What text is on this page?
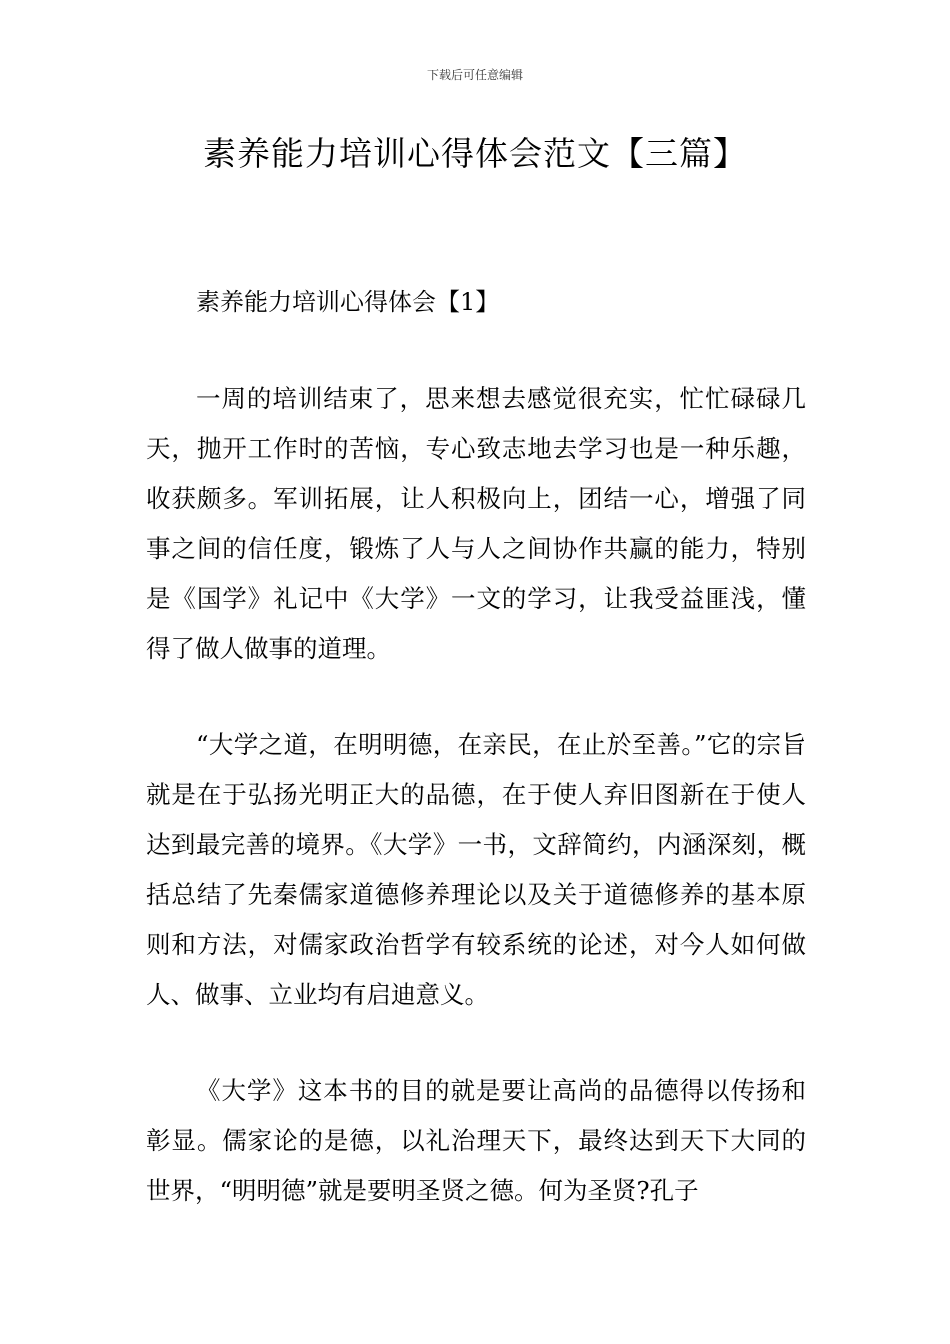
下载后可任意编辑
素养能力培训心得体会范文【三篇】
素养能力培训心得体会【1】

一周的培训结束了，思来想去感觉很充实，忙忙碌碌几天，抛开工作时的苦恼，专心致志地去学习也是一种乐趣，收获颇多。军训拓展，让人积极向上，团结一心，增强了同事之间的信任度，锻炼了人与人之间协作共赢的能力，特别是《国学》礼记中《大学》一文的学习，让我受益匪浅，懂得了做人做事的道理。

“大学之道，在明明德，在亲民，在止於至善。”它的宗旨就是在于弘扬光明正大的品德，在于使人弃旧图新在于使人达到最完善的境界。《大学》一书，文辞简约，内涵深刻，概括总结了先秦儒家道德修养理论以及关于道德修养的基本原则和方法，对儒家政治哲学有较系统的论述，对今人如何做人、做事、立业均有启迪意义。

《大学》这本书的目的就是要让高尚的品德得以传扬和彰显。儒家论的是德，以礼治理天下，最终达到天下大同的世界，“明明德”就是要明圣贤之德。何为圣贤?孔子
